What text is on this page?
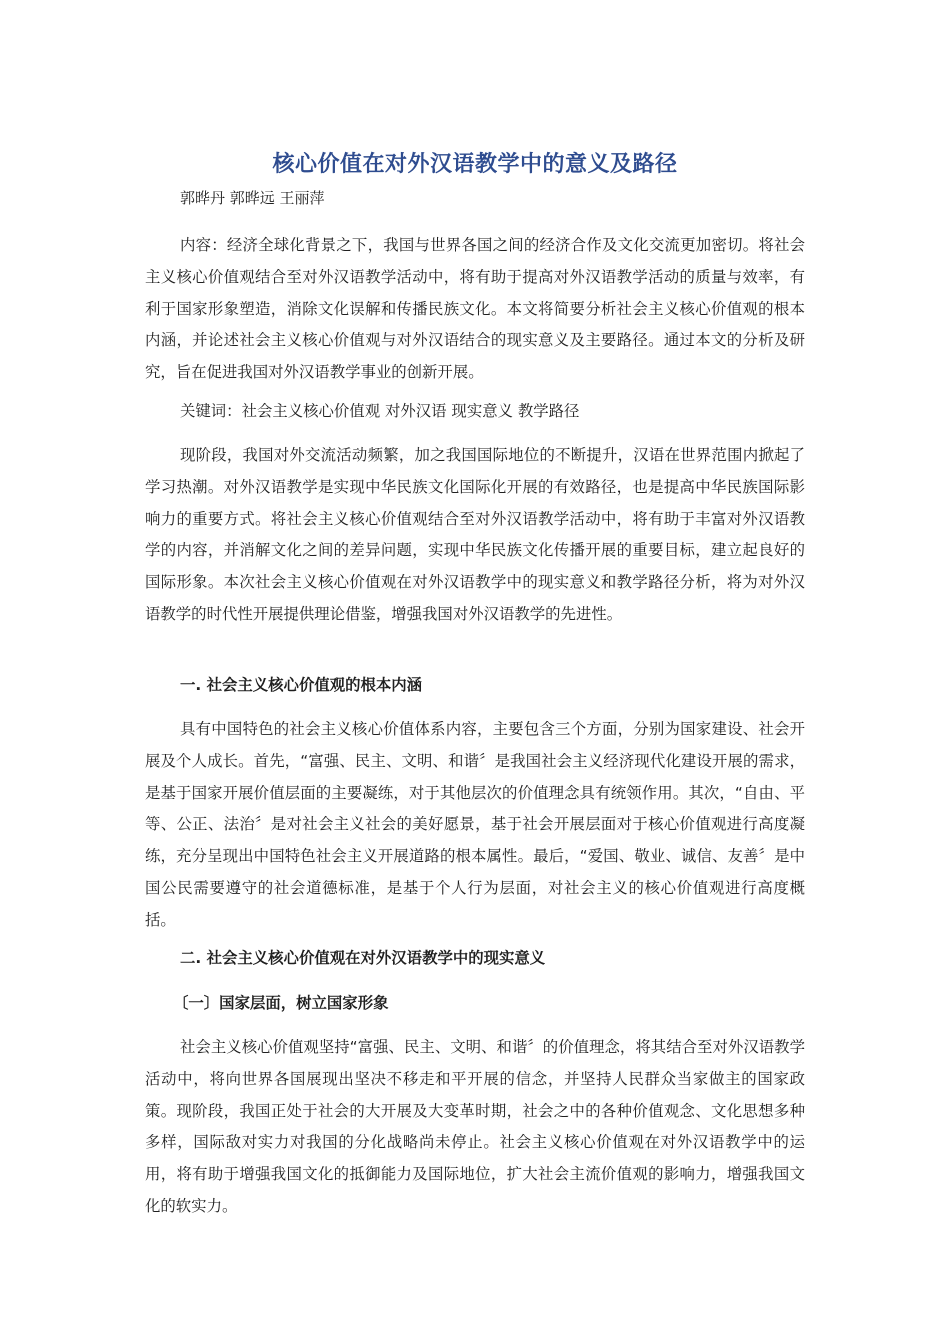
核心价值在对外汉语教学中的意义及路径
郭晔丹 郭晔远 王丽萍

内容：经济全球化背景之下，我国与世界各国之间的经济合作及文化交流更加密切。将社会主义核心价值观结合至对外汉语教学活动中，将有助于提高对外汉语教学活动的质量与效率，有利于国家形象塑造，消除文化误解和传播民族文化。本文将简要分析社会主义核心价值观的根本内涵，并论述社会主义核心价值观与对外汉语结合的现实意义及主要路径。通过本文的分析及研究，旨在促进我国对外汉语教学事业的创新开展。

关键词：社会主义核心价值观 对外汉语 现实意义 教学路径

现阶段，我国对外交流活动频繁，加之我国国际地位的不断提升，汉语在世界范围内掀起了学习热潮。对外汉语教学是实现中华民族文化国际化开展的有效路径，也是提高中华民族国际影响力的重要方式。将社会主义核心价值观结合至对外汉语教学活动中，将有助于丰富对外汉语教学的内容，并消解文化之间的差异问题，实现中华民族文化传播开展的重要目标，建立起良好的国际形象。本次社会主义核心价值观在对外汉语教学中的现实意义和教学路径分析，将为对外汉语教学的时代性开展提供理论借鉴，增强我国对外汉语教学的先进性。

一. 社会主义核心价值观的根本内涵

具有中国特色的社会主义核心价值体系内容，主要包含三个方面，分别为国家建设、社会开展及个人成长。首先，“富强、民主、文明、和谐〞是我国社会主义经济现代化建设开展的需求，是基于国家开展价值层面的主要凝练，对于其他层次的价值理念具有统领作用。其次，“自由、平等、公正、法治〞是对社会主义社会的美好愿景，基于社会开展层面对于核心价值观进行高度凝练，充分呈现出中国特色社会主义开展道路的根本属性。最后，“爱国、敬业、诚信、友善〞是中国公民需要遵守的社会道德标准，是基于个人行为层面，对社会主义的核心价值观进行高度概括。

二. 社会主义核心价值观在对外汉语教学中的现实意义
〔一〕国家层面，树立国家形象

社会主义核心价值观坚持“富强、民主、文明、和谐〞的价值理念，将其结合至对外汉语教学活动中，将向世界各国展现出坚决不移走和平开展的信念，并坚持人民群众当家做主的国家政策。现阶段，我国正处于社会的大开展及大变革时期，社会之中的各种价值观念、文化思想多种多样，国际敌对实力对我国的分化战略尚未停止。社会主义核心价值观在对外汉语教学中的运用，将有助于增强我国文化的抵御能力及国际地位，扩大社会主流价值观的影响力，增强我国文化的软实力。
